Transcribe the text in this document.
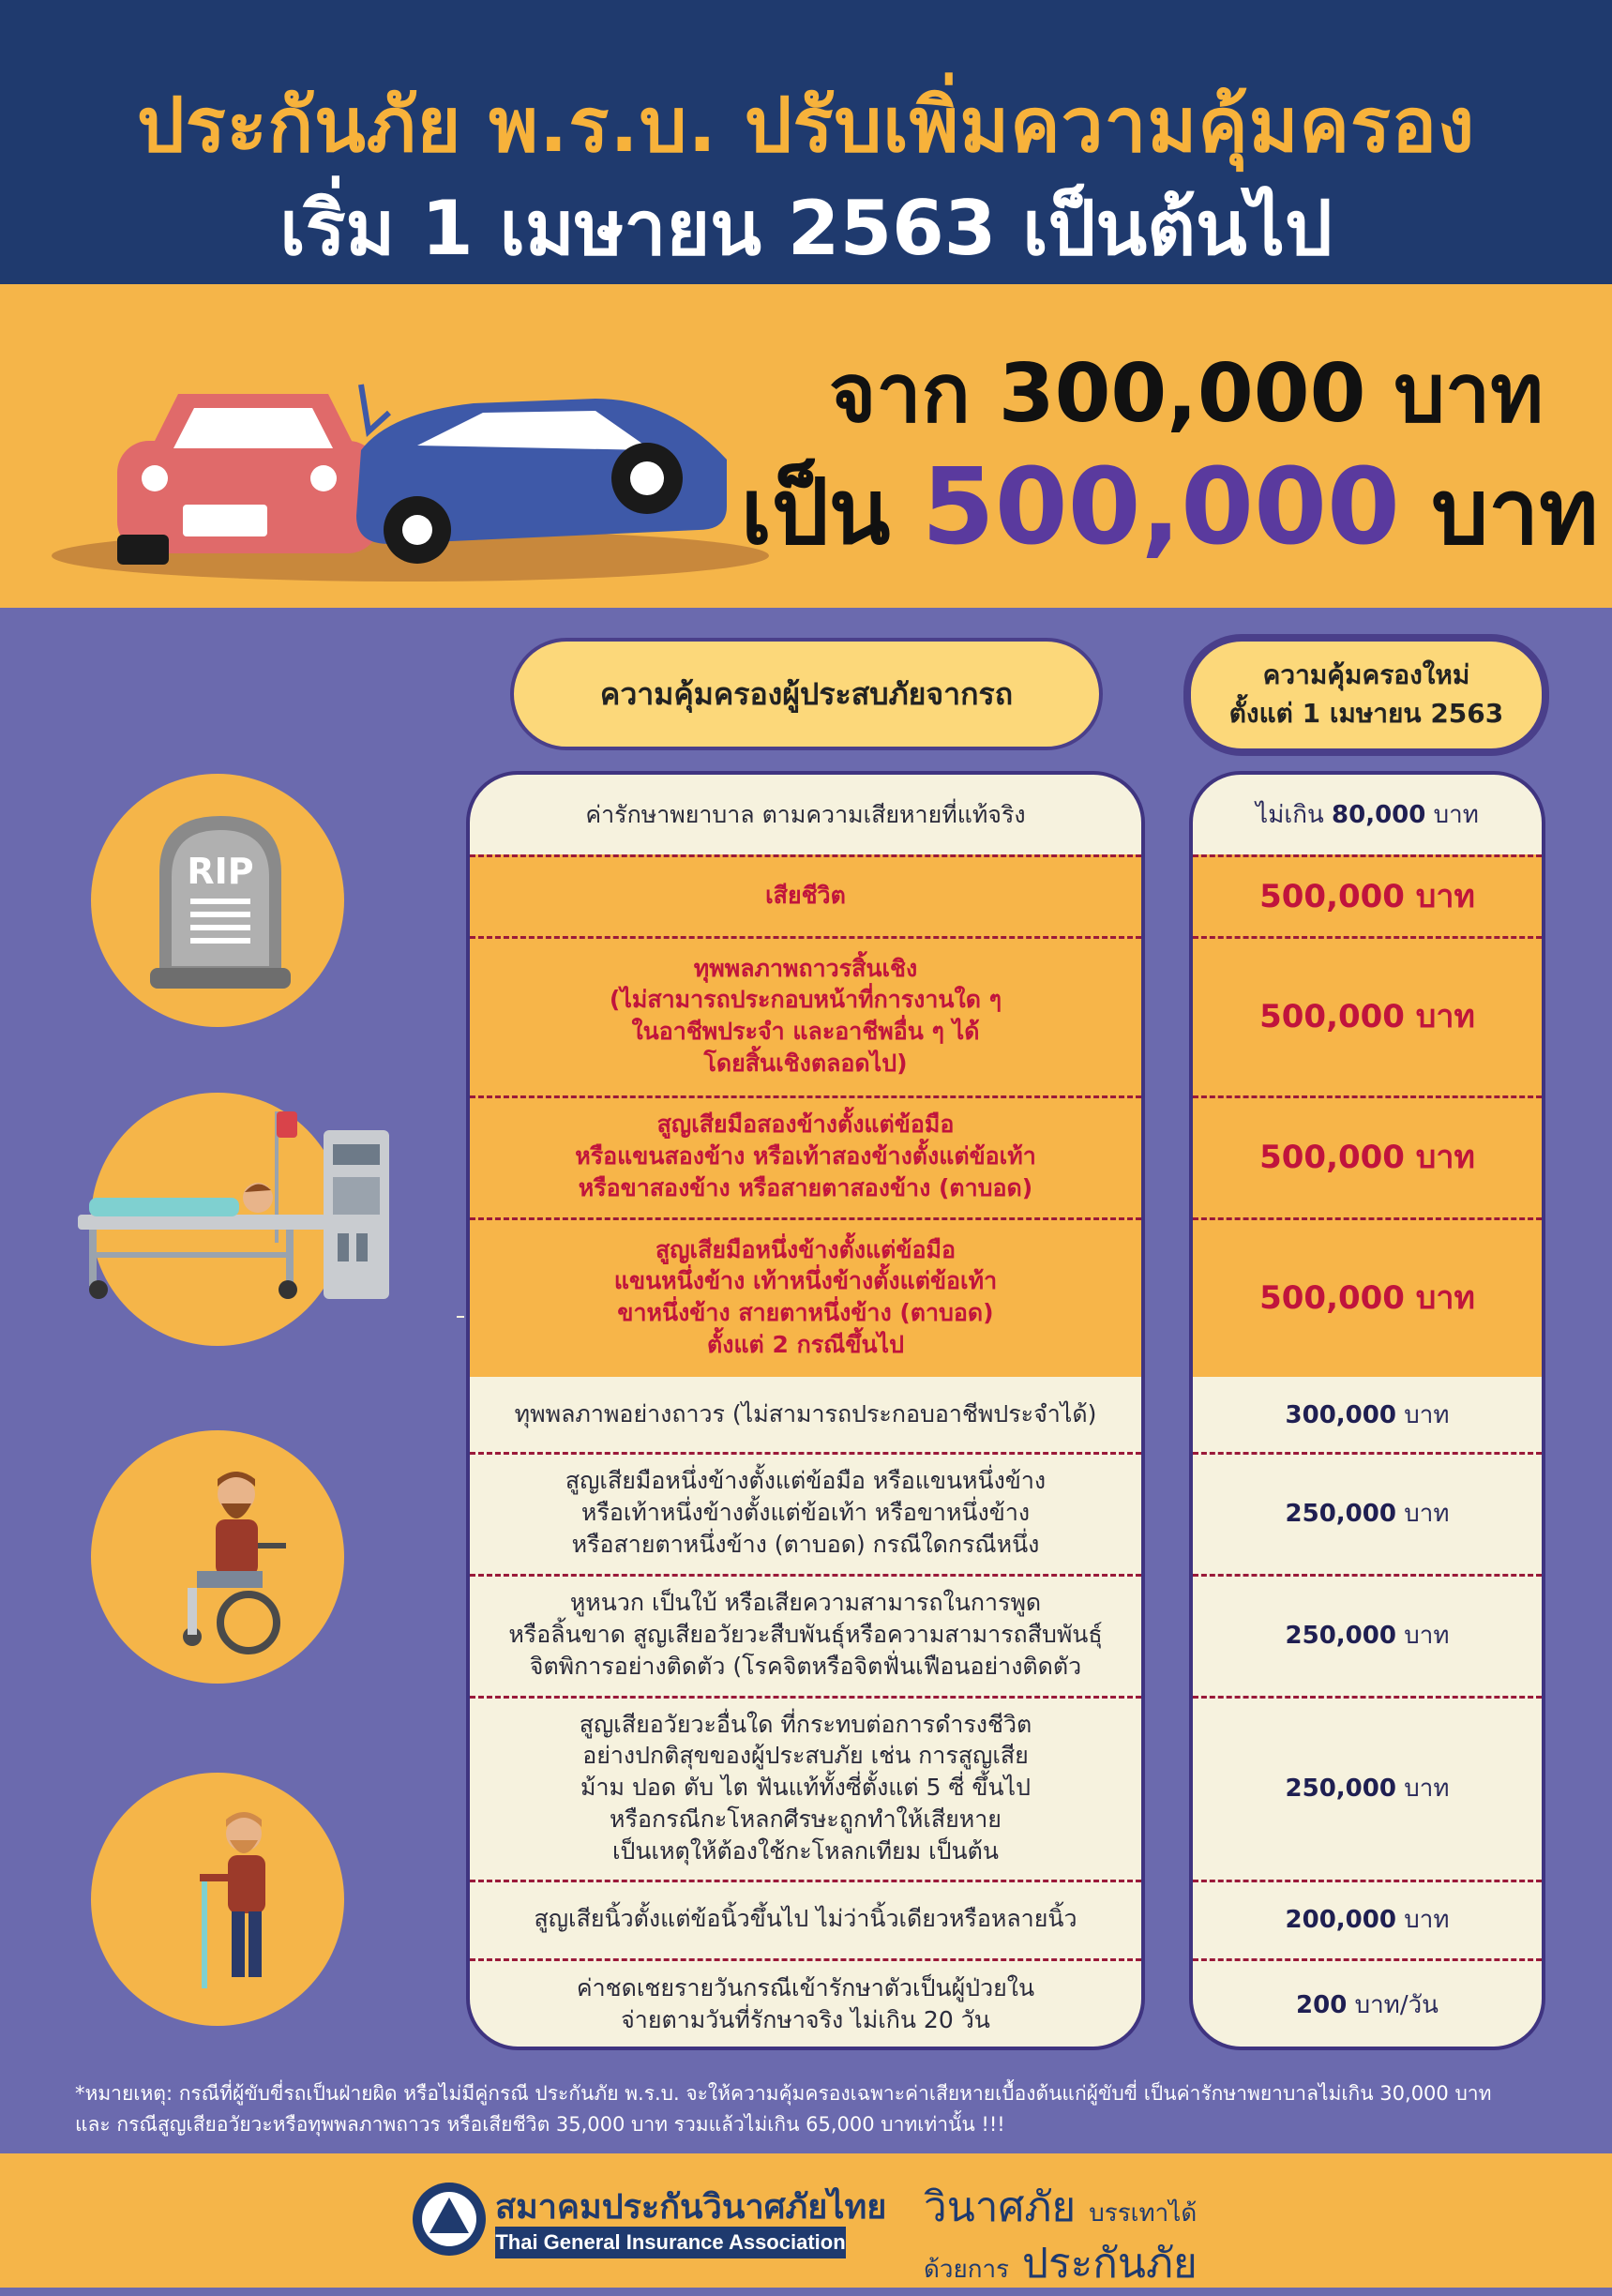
ประกันภัย พ.ร.บ. ปรับเพิ่มความคุ้มครอง
เริ่ม 1 เมษายน 2563 เป็นต้นไป
จาก 300,000 บาท
เป็น 500,000 บาท
ความคุ้มครองผู้ประสบภัยจากรถ
ความคุ้มครองใหม่
ตั้งแต่ 1 เมษายน 2563
RIP
ค่ารักษาพยาบาล ตามความเสียหายที่แท้จริง
เสียชีวิต
ทุพพลภาพถาวรสิ้นเชิง
(ไม่สามารถประกอบหน้าที่การงานใด ๆ
ในอาชีพประจำ และอาชีพอื่น ๆ ได้
โดยสิ้นเชิงตลอดไป)
สูญเสียมือสองข้างตั้งแต่ข้อมือ
หรือแขนสองข้าง หรือเท้าสองข้างตั้งแต่ข้อเท้า
หรือขาสองข้าง หรือสายตาสองข้าง (ตาบอด)
สูญเสียมือหนึ่งข้างตั้งแต่ข้อมือ
แขนหนึ่งข้าง เท้าหนึ่งข้างตั้งแต่ข้อเท้า
ขาหนึ่งข้าง สายตาหนึ่งข้าง (ตาบอด)
ตั้งแต่ 2 กรณีขึ้นไป
ทุพพลภาพอย่างถาวร (ไม่สามารถประกอบอาชีพประจำได้)
สูญเสียมือหนึ่งข้างตั้งแต่ข้อมือ หรือแขนหนึ่งข้าง
หรือเท้าหนึ่งข้างตั้งแต่ข้อเท้า หรือขาหนึ่งข้าง
หรือสายตาหนึ่งข้าง (ตาบอด) กรณีใดกรณีหนึ่ง
หูหนวก เป็นใบ้ หรือเสียความสามารถในการพูด
หรือลิ้นขาด สูญเสียอวัยวะสืบพันธุ์หรือความสามารถสืบพันธุ์
จิตพิการอย่างติดตัว (โรคจิตหรือจิตฟั่นเฟือนอย่างติดตัว
สูญเสียอวัยวะอื่นใด ที่กระทบต่อการดำรงชีวิต
อย่างปกติสุขของผู้ประสบภัย เช่น การสูญเสีย
ม้าม ปอด ตับ ไต ฟันแท้ทั้งซี่ตั้งแต่ 5 ซี่ ขึ้นไป
หรือกรณีกะโหลกศีรษะถูกทำให้เสียหาย
เป็นเหตุให้ต้องใช้กะโหลกเทียม เป็นต้น
สูญเสียนิ้วตั้งแต่ข้อนิ้วขึ้นไป ไม่ว่านิ้วเดียวหรือหลายนิ้ว
ค่าชดเชยรายวันกรณีเข้ารักษาตัวเป็นผู้ป่วยใน
จ่ายตามวันที่รักษาจริง ไม่เกิน 20 วัน
ไม่เกิน 80,000 บาท
500,000 บาท
500,000 บาท
500,000 บาท
500,000 บาท
300,000 บาท
250,000 บาท
250,000 บาท
250,000 บาท
200,000 บาท
200 บาท/วัน
*หมายเหตุ: กรณีที่ผู้ขับขี่รถเป็นฝ่ายผิด หรือไม่มีคู่กรณี ประกันภัย พ.ร.บ. จะให้ความคุ้มครองเฉพาะค่าเสียหายเบื้องต้นแก่ผู้ขับขี่ เป็นค่ารักษาพยาบาลไม่เกิน 30,000 บาท
และ กรณีสูญเสียอวัยวะหรือทุพพลภาพถาวร หรือเสียชีวิต 35,000 บาท รวมแล้วไม่เกิน 65,000 บาทเท่านั้น !!!
สมาคมประกันวินาศภัยไทย
Thai General Insurance Association
วินาศภัย บรรเทาได้
ด้วยการ ประกันภัย
